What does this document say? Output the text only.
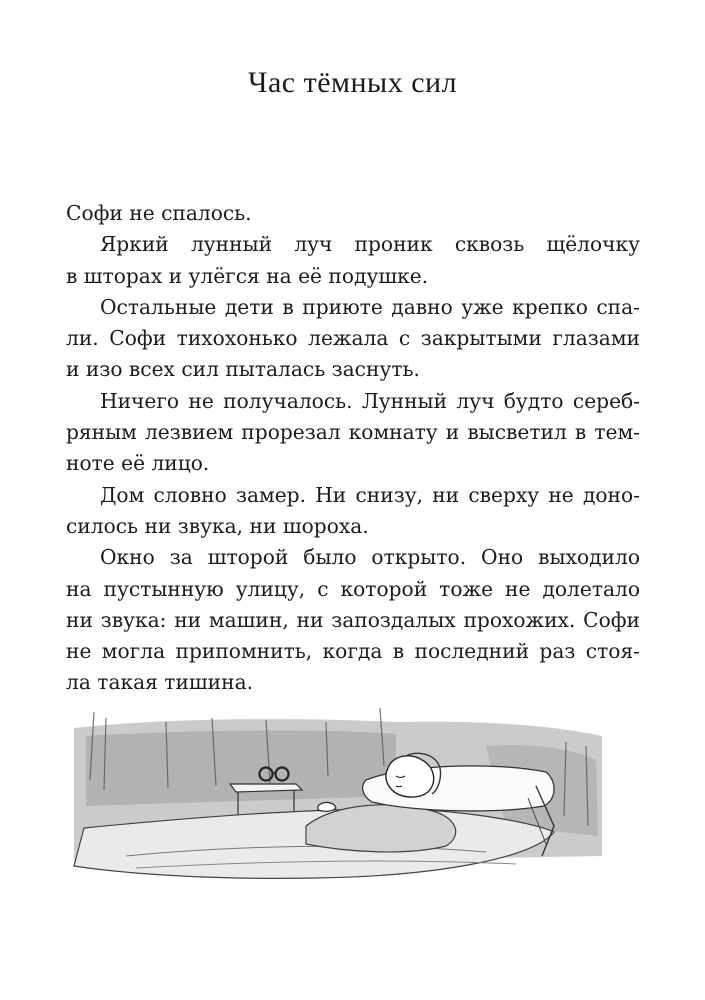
Час тёмных сил
Софи не спалось.
Яркий лунный луч проник сквозь щёлочку
в шторах и улёгся на её подушке.
Остальные дети в приюте давно уже крепко спа-
ли. Софи тихохонько лежала с закрытыми глазами
и изо всех сил пыталась заснуть.
Ничего не получалось. Лунный луч будто сереб-
ряным лезвием прорезал комнату и высветил в тем-
ноте её лицо.
Дом словно замер. Ни снизу, ни сверху не доно-
силось ни звука, ни шороха.
Окно за шторой было открыто. Оно выходило
на пустынную улицу, с которой тоже не долетало
ни звука: ни машин, ни запоздалых прохожих. Софи
не могла припомнить, когда в последний раз стоя-
ла такая тишина.
